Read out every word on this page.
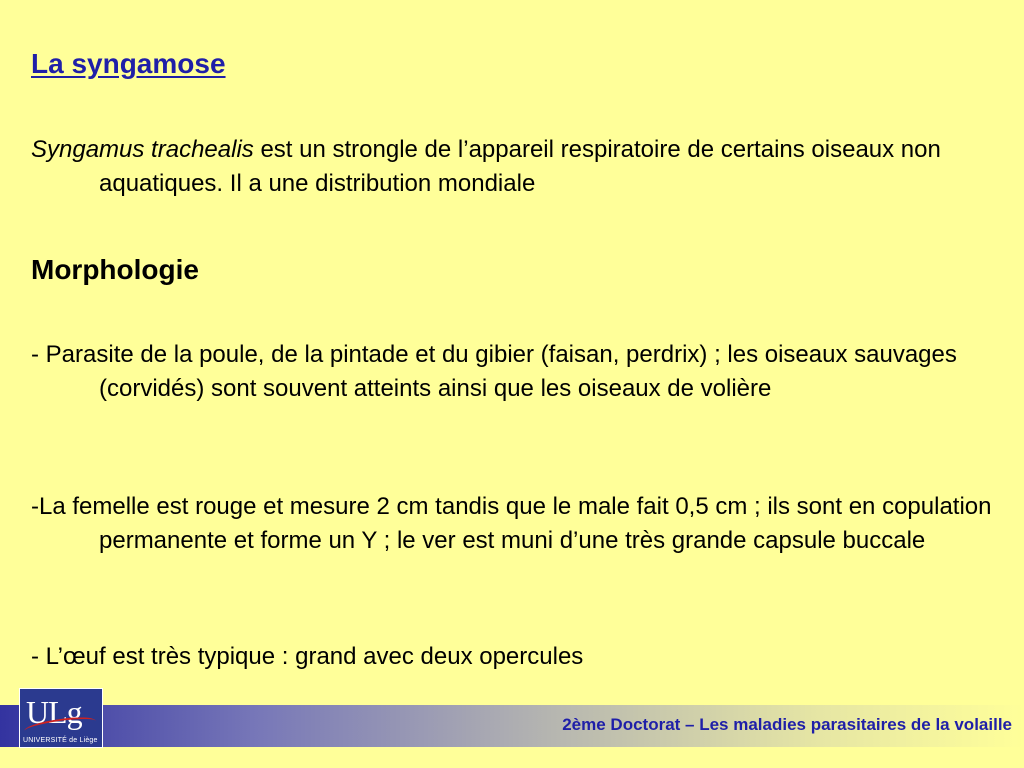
La syngamose

Syngamus trachealis est un strongle de l’appareil respiratoire de certains oiseaux non aquatiques. Il a une distribution mondiale

Morphologie

- Parasite de la poule, de la pintade et du gibier (faisan, perdrix) ; les oiseaux sauvages (corvidés) sont souvent atteints ainsi que les oiseaux de volière

-La femelle est rouge et mesure 2 cm tandis que le male fait 0,5 cm ; ils sont en copulation permanente et forme un Y ; le ver est muni d’une très grande capsule buccale

- L’œuf est très typique : grand avec deux opercules

2ème Doctorat – Les maladies parasitaires de la volaille
ULg
UNIVERSITÉ de Liège
